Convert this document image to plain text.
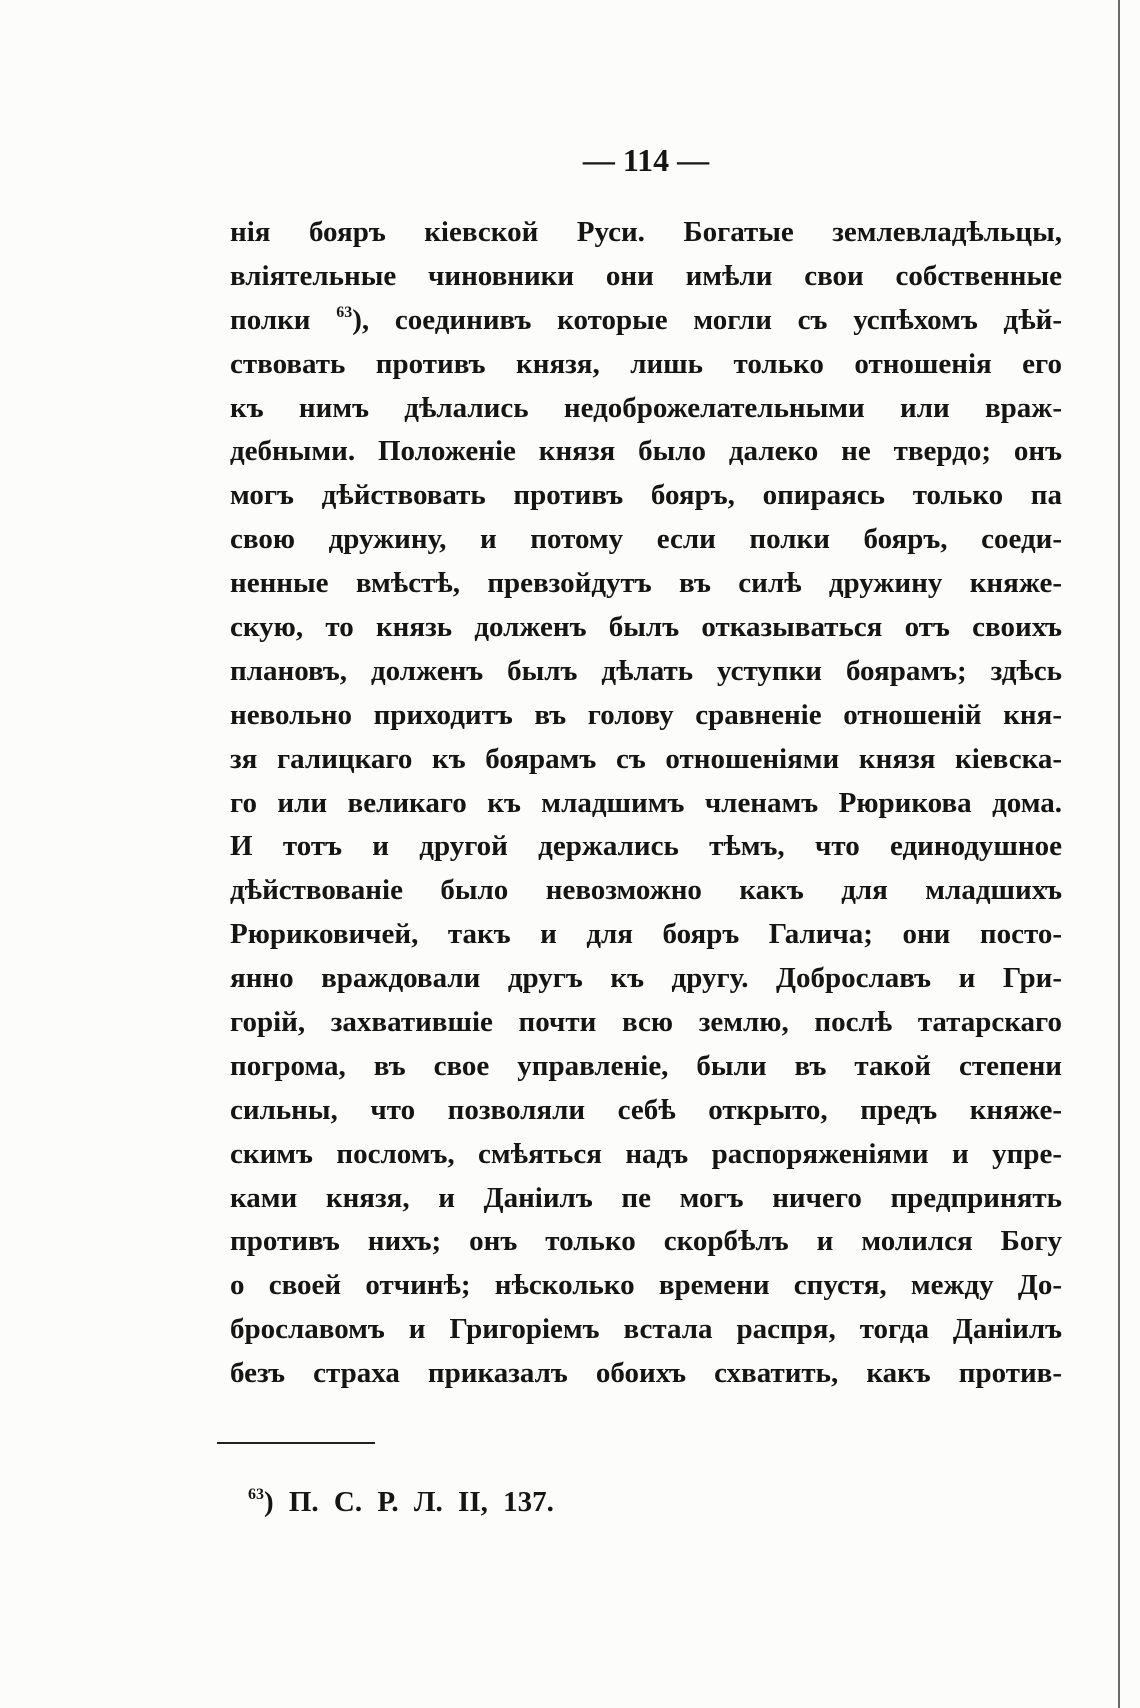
— 114 —
нія бояръ кіевской Руси. Богатые землевладѣльцы,
вліятельные чиновники они имѣли свои собственные
полки $^{63}$), соединивъ которые могли съ успѣхомъ дѣй-
ствовать противъ князя, лишь только отношенія его
къ нимъ дѣлались недоброжелательными или враж-
дебными. Положеніе князя было далеко не твердо; онъ
могъ дѣйствовать противъ бояръ, опираясь только па
свою дружину, и потому если полки бояръ, соеди-
ненные вмѣстѣ, превзойдутъ въ силѣ дружину княже-
скую, то князь долженъ былъ отказываться отъ своихъ
плановъ, долженъ былъ дѣлать уступки боярамъ; здѣсь
невольно приходитъ въ голову сравненіе отношеній кня-
зя галицкаго къ боярамъ съ отношеніями князя кіевска-
го или великаго къ младшимъ членамъ Рюрикова дома.
И тотъ и другой держались тѣмъ, что единодушное
дѣйствованіе было невозможно какъ для младшихъ
Рюриковичей, такъ и для бояръ Галича; они посто-
янно враждовали другъ къ другу. Доброславъ и Гри-
горій, захватившіе почти всю землю, послѣ татарскаго
погрома, въ свое управленіе, были въ такой степени
сильны, что позволяли себѣ открыто, предъ княже-
скимъ посломъ, смѣяться надъ распоряженіями и упре-
ками князя, и Даніилъ пе могъ ничего предпринять
противъ нихъ; онъ только скорбѣлъ и молился Богу
о своей отчинѣ; нѣсколько времени спустя, между До-
брославомъ и Григоріемъ встала распря, тогда Даніилъ
безъ страха приказалъ обоихъ схватить, какъ против-
$^{63}$) П. С. Р. Л. II, 137.
